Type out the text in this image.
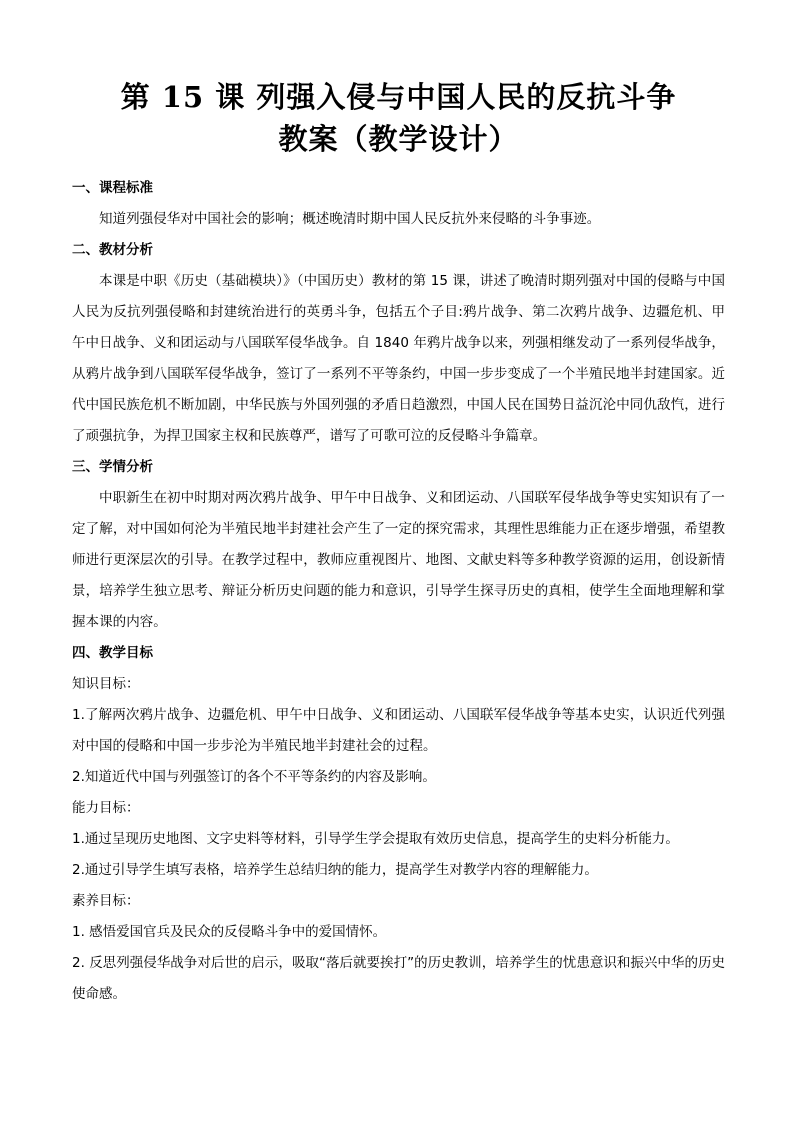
第 15 课 列强入侵与中国人民的反抗斗争
教案（教学设计）

一、课程标准

知道列强侵华对中国社会的影响；概述晚清时期中国人民反抗外来侵略的斗争事迹。

二、教材分析

本课是中职《历史（基础模块）》（中国历史）教材的第 15 课，讲述了晚清时期列强对中国的侵略与中国人民为反抗列强侵略和封建统治进行的英勇斗争，包括五个子目:鸦片战争、第二次鸦片战争、边疆危机、甲午中日战争、义和团运动与八国联军侵华战争。自 1840 年鸦片战争以来，列强相继发动了一系列侵华战争，从鸦片战争到八国联军侵华战争，签订了一系列不平等条约，中国一步步变成了一个半殖民地半封建国家。近代中国民族危机不断加剧，中华民族与外国列强的矛盾日趋激烈，中国人民在国势日益沉沦中同仇敌忾，进行了顽强抗争，为捍卫国家主权和民族尊严，谱写了可歌可泣的反侵略斗争篇章。

三、学情分析

中职新生在初中时期对两次鸦片战争、甲午中日战争、义和团运动、八国联军侵华战争等史实知识有了一定了解，对中国如何沦为半殖民地半封建社会产生了一定的探究需求，其理性思维能力正在逐步增强，希望教师进行更深层次的引导。在教学过程中，教师应重视图片、地图、文献史料等多种教学资源的运用，创设新情景，培养学生独立思考、辩证分析历史问题的能力和意识，引导学生探寻历史的真相，使学生全面地理解和掌握本课的内容。

四、教学目标

知识目标：

1.了解两次鸦片战争、边疆危机、甲午中日战争、义和团运动、八国联军侵华战争等基本史实，认识近代列强对中国的侵略和中国一步步沦为半殖民地半封建社会的过程。

2.知道近代中国与列强签订的各个不平等条约的内容及影响。

能力目标：

1.通过呈现历史地图、文字史料等材料，引导学生学会提取有效历史信息，提高学生的史料分析能力。

2.通过引导学生填写表格，培养学生总结归纳的能力，提高学生对教学内容的理解能力。

素养目标：

1. 感悟爱国官兵及民众的反侵略斗争中的爱国情怀。

2. 反思列强侵华战争对后世的启示，吸取“落后就要挨打”的历史教训，培养学生的忧患意识和振兴中华的历史使命感。
